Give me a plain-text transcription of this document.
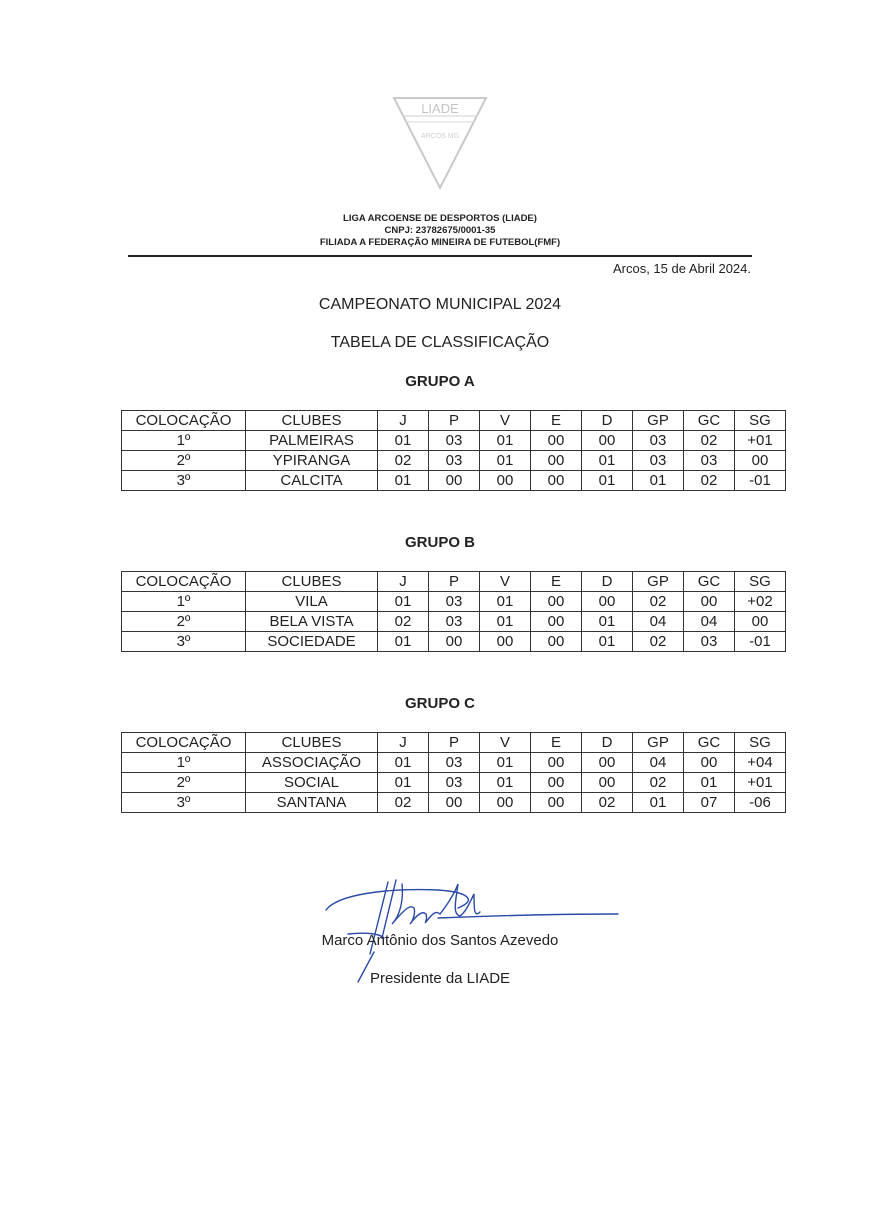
LIADE
ARCOS MG
LIGA ARCOENSE DE DESPORTOS (LIADE)
CNPJ: 23782675/0001-35
FILIADA A FEDERAÇÃO MINEIRA DE FUTEBOL(FMF)
Arcos, 15 de Abril 2024.
CAMPEONATO MUNICIPAL 2024
TABELA DE CLASSIFICAÇÃO
GRUPO A
COLOCAÇÃO	CLUBES	J	P	V	E	D	GP	GC	SG
1º	PALMEIRAS	01	03	01	00	00	03	02	+01
2º	YPIRANGA	02	03	01	00	01	03	03	00
3º	CALCITA	01	00	00	00	01	01	02	-01
GRUPO B
COLOCAÇÃO	CLUBES	J	P	V	E	D	GP	GC	SG
1º	VILA	01	03	01	00	00	02	00	+02
2º	BELA VISTA	02	03	01	00	01	04	04	00
3º	SOCIEDADE	01	00	00	00	01	02	03	-01
GRUPO C
COLOCAÇÃO	CLUBES	J	P	V	E	D	GP	GC	SG
1º	ASSOCIAÇÃO	01	03	01	00	00	04	00	+04
2º	SOCIAL	01	03	01	00	00	02	01	+01
3º	SANTANA	02	00	00	00	02	01	07	-06
Marco Antônio dos Santos Azevedo
Presidente da LIADE
